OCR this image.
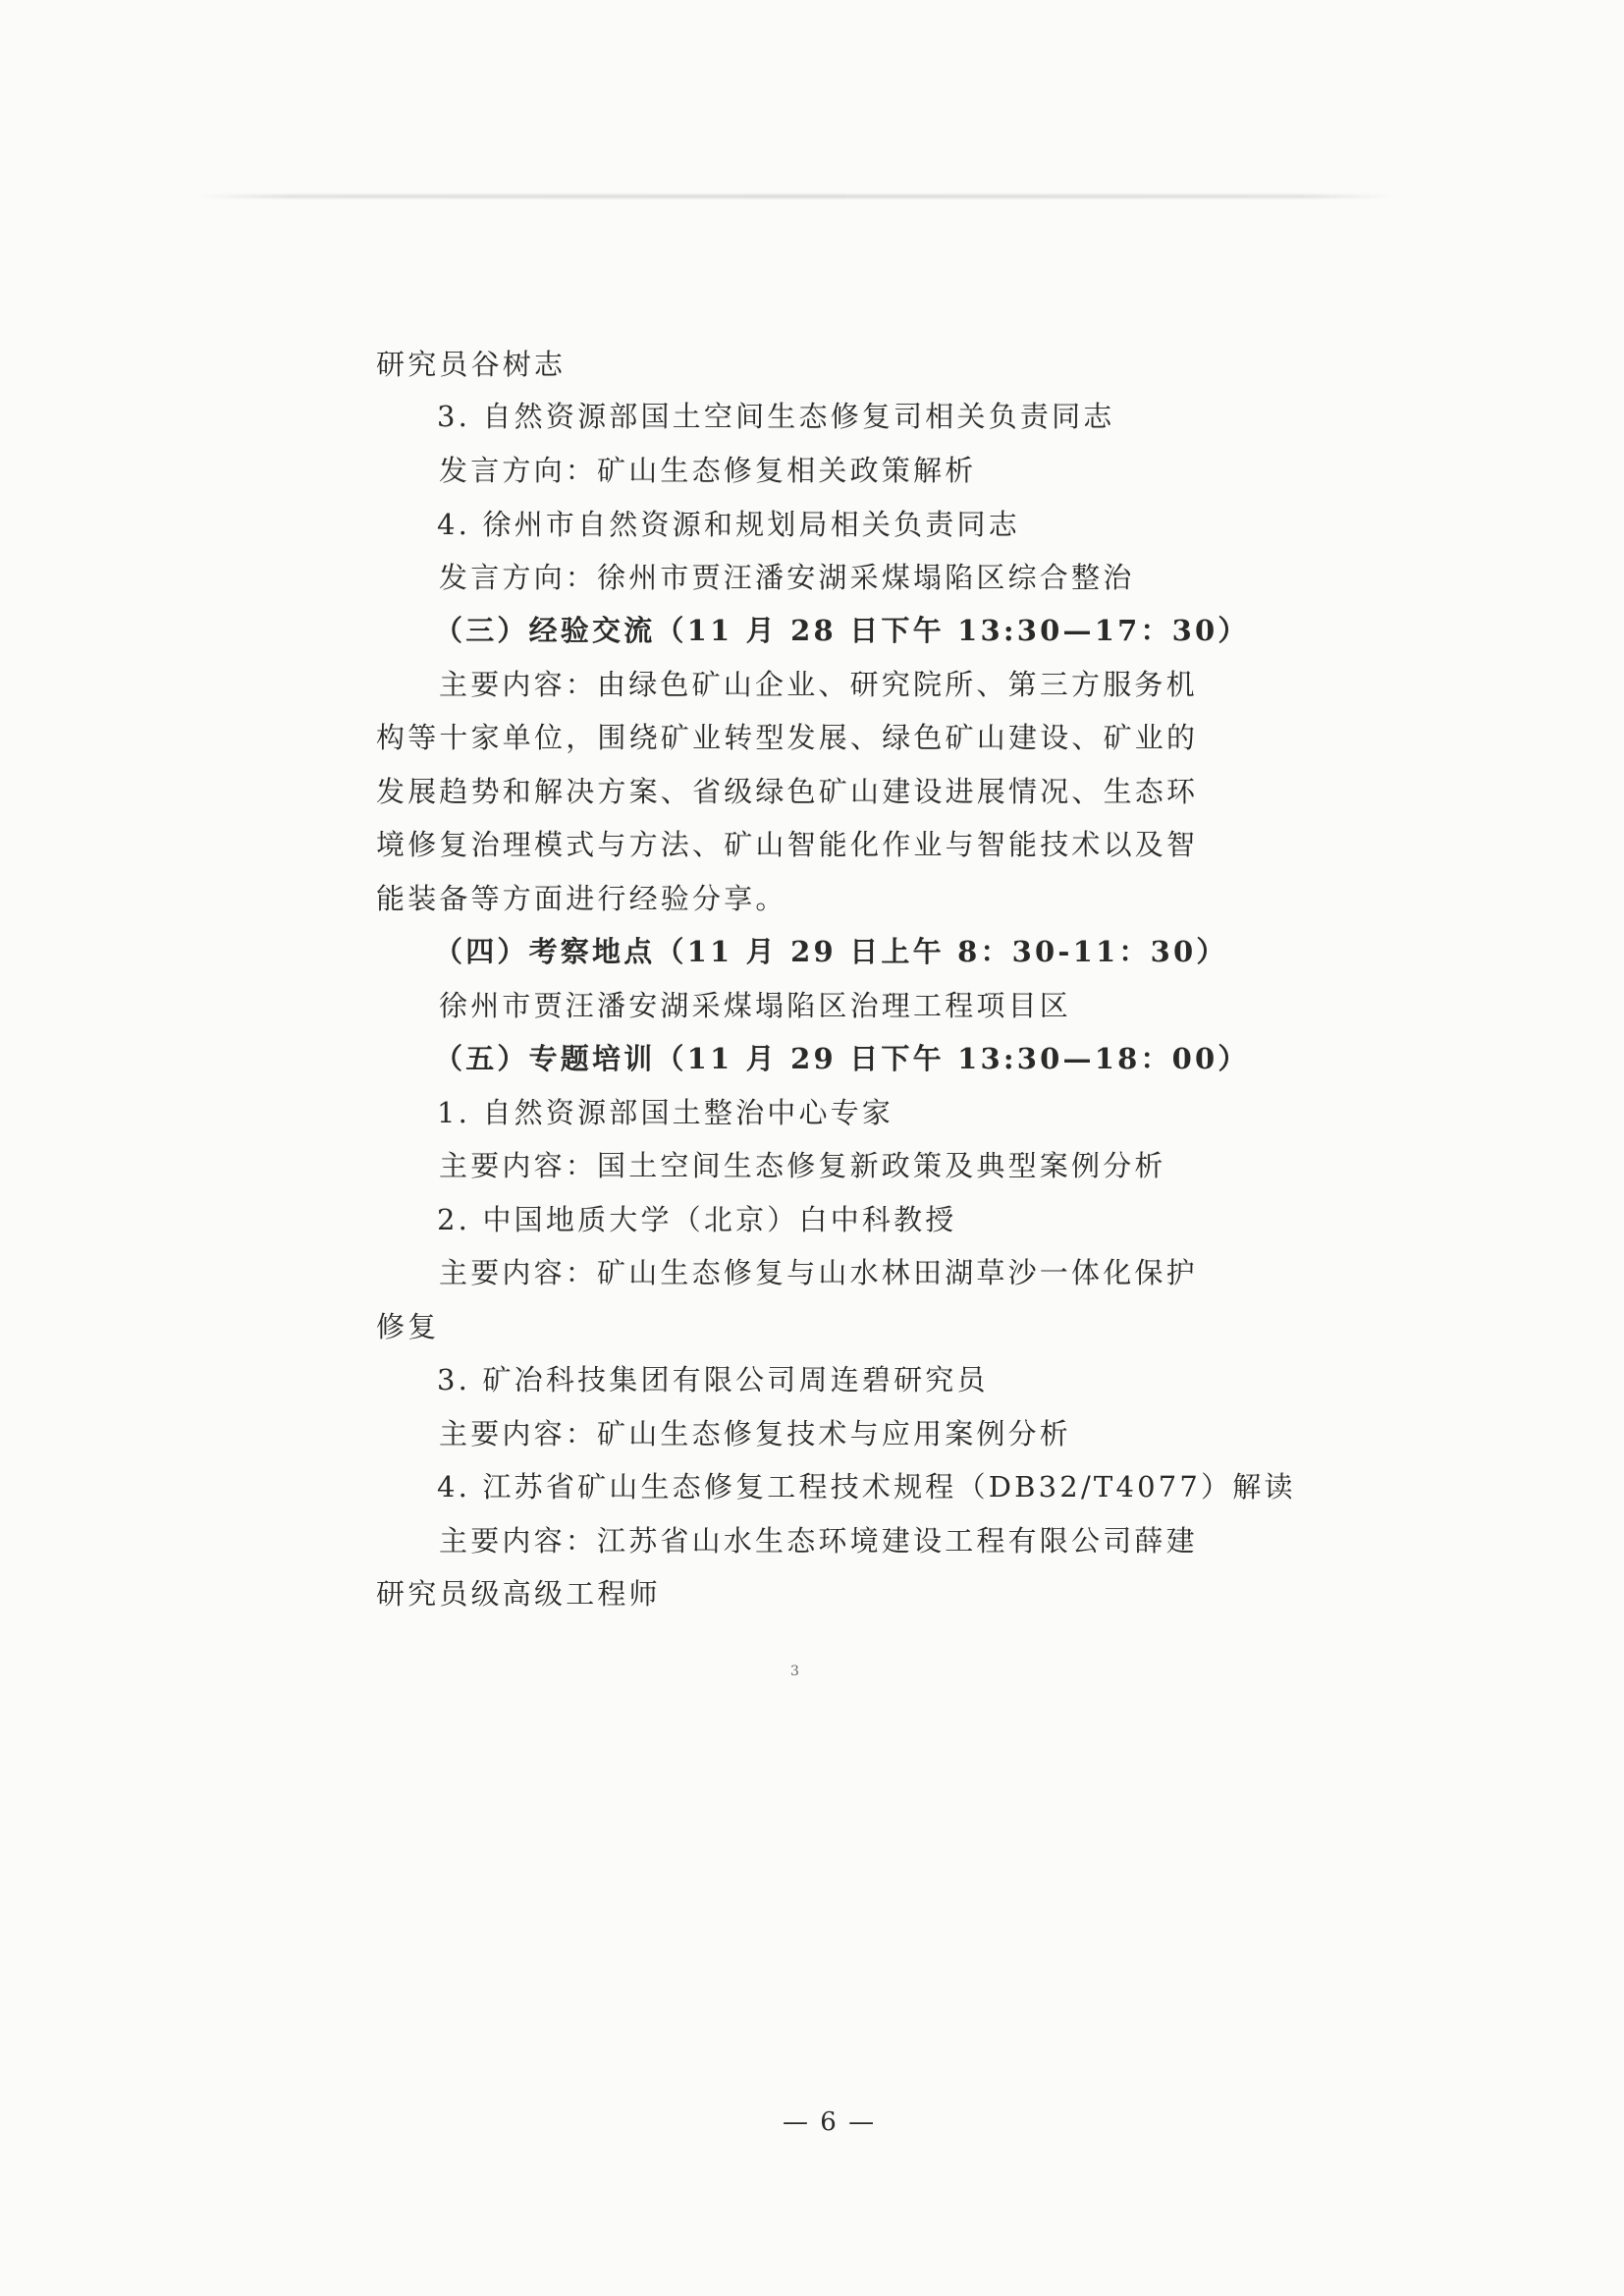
研究员谷树志
3. 自然资源部国土空间生态修复司相关负责同志
发言方向：矿山生态修复相关政策解析
4. 徐州市自然资源和规划局相关负责同志
发言方向：徐州市贾汪潘安湖采煤塌陷区综合整治
（三）经验交流（11 月 28 日下午 13:30—17：30）
主要内容：由绿色矿山企业、研究院所、第三方服务机
构等十家单位，围绕矿业转型发展、绿色矿山建设、矿业的
发展趋势和解决方案、省级绿色矿山建设进展情况、生态环
境修复治理模式与方法、矿山智能化作业与智能技术以及智
能装备等方面进行经验分享。
（四）考察地点（11 月 29 日上午 8：30-11：30）
徐州市贾汪潘安湖采煤塌陷区治理工程项目区
（五）专题培训（11 月 29 日下午 13:30—18：00）
1. 自然资源部国土整治中心专家
主要内容：国土空间生态修复新政策及典型案例分析
2. 中国地质大学（北京）白中科教授
主要内容：矿山生态修复与山水林田湖草沙一体化保护
修复
3. 矿冶科技集团有限公司周连碧研究员
主要内容：矿山生态修复技术与应用案例分析
4. 江苏省矿山生态修复工程技术规程（DB32/T4077）解读
主要内容：江苏省山水生态环境建设工程有限公司薛建
研究员级高级工程师
3
— 6 —
